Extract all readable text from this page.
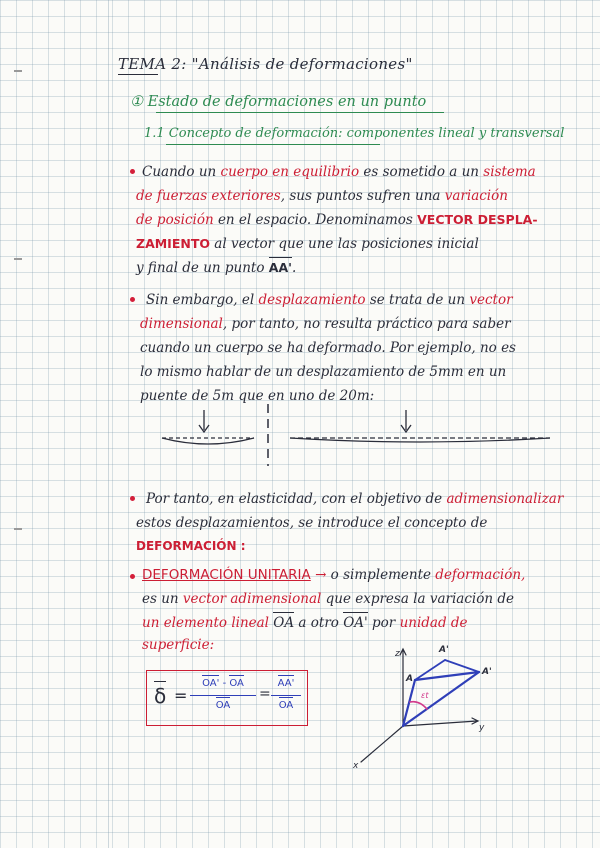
TEMA 2: "Análisis de deformaciones"
① Estado de deformaciones en un punto
1.1 Concepto de deformación: componentes lineal y transversal
Cuando un cuerpo en equilibrio es sometido a un sistema
de fuerzas exteriores, sus puntos sufren una variación
de posición en el espacio. Denominamos VECTOR DESPLA-
ZAMIENTO al vector que une las posiciones inicial
y final de un punto AA'.
Sin embargo, el desplazamiento se trata de un vector
dimensional, por tanto, no resulta práctico para saber
cuando un cuerpo se ha deformado. Por ejemplo, no es
lo mismo hablar de un desplazamiento de 5mm en un
puente de 5m que en uno de 20m:
Por tanto, en elasticidad, con el objetivo de adimensionalizar
estos desplazamientos, se introduce el concepto de
DEFORMACIÓN :
DEFORMACIÓN UNITARIA → o simplemente deformación,
es un vector adimensional que expresa la variación de
un elemento lineal OA a otro OA' por unidad de
superficie:
δ =
OA' - OA
OA
=
AA'
OA
z
y
x
A
A'
A'
εt
